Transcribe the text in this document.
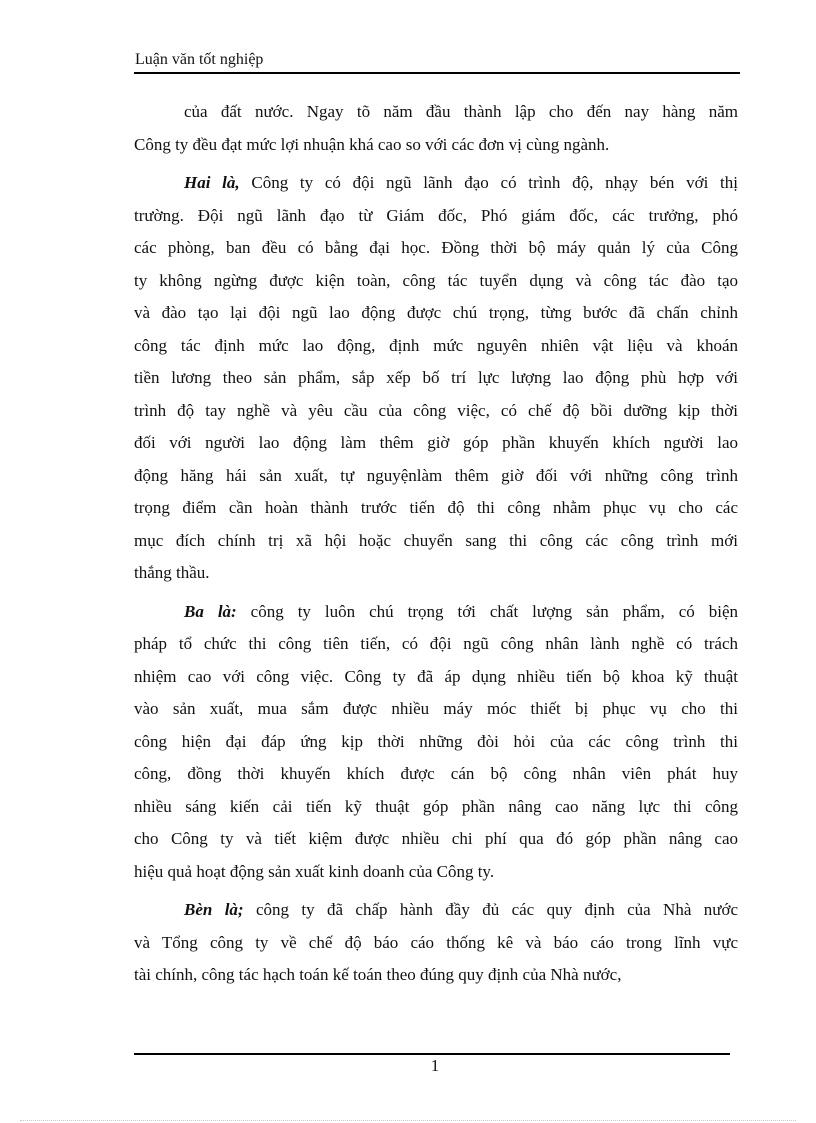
Luận văn tốt nghiệp
của đất nước. Ngay tõ năm đầu thành lập cho đến nay hàng năm
Công ty đều đạt mức lợi nhuận khá cao so với các đơn vị cùng ngành.
Hai là, Công ty có đội ngũ lãnh đạo có trình độ, nhạy bén với thị
trường. Đội ngũ lãnh đạo từ Giám đốc, Phó giám đốc, các trưởng, phó
các phòng, ban đều có bằng đại học. Đồng thời bộ máy quản lý của Công
ty không ngừng được kiện toàn, công tác tuyển dụng và công tác đào tạo
và đào tạo lại đội ngũ lao động được chú trọng, từng bước đã chấn chỉnh
công tác định mức lao động, định mức nguyên nhiên vật liệu và khoán
tiền lương theo sản phẩm, sắp xếp bố trí lực lượng lao động phù hợp với
trình độ tay nghề và yêu cầu của công việc, có chế độ bồi dưỡng kịp thời
đối với người lao động làm thêm giờ góp phần khuyến khích người lao
động hăng hái sản xuất, tự nguyệnlàm thêm giờ đối với những công trình
trọng điểm cần hoàn thành trước tiến độ thi công nhằm phục vụ cho các
mục đích chính trị xã hội hoặc chuyển sang thi công các công trình mới
thắng thầu.
Ba là: công ty luôn chú trọng tới chất lượng sản phẩm, có biện
pháp tổ chức thi công tiên tiến, có đội ngũ công nhân lành nghề có trách
nhiệm cao với công việc. Công ty đã áp dụng nhiều tiến bộ khoa kỹ thuật
vào sản xuất, mua sắm được nhiều máy móc thiết bị phục vụ cho thi
công hiện đại đáp ứng kịp thời những đòi hỏi của các công trình thi
công, đồng thời khuyến khích được cán bộ công nhân viên phát huy
nhiều sáng kiến cải tiến kỹ thuật góp phần nâng cao năng lực thi công
cho Công ty và tiết kiệm được nhiều chi phí qua đó góp phần nâng cao
hiệu quả hoạt động sản xuất kinh doanh của Công ty.
Bèn là; công ty đã chấp hành đầy đủ các quy định của Nhà nước
và Tổng công ty về chế độ báo cáo thống kê và báo cáo trong lĩnh vực
tài chính, công tác hạch toán kế toán theo đúng quy định của Nhà nước,
1
